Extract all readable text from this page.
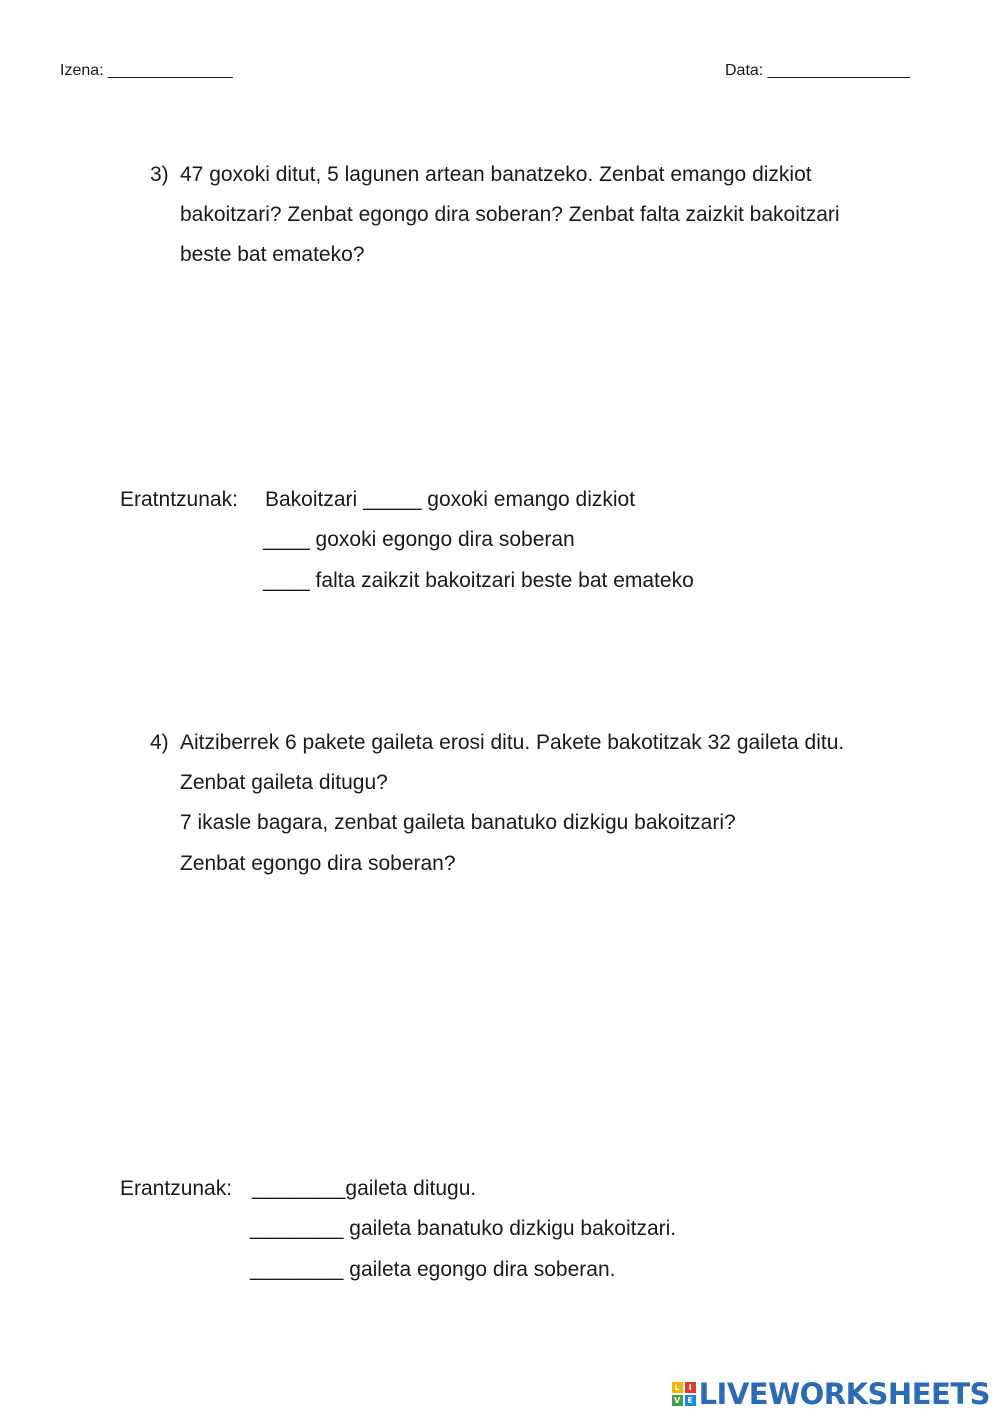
Izena: ______________	Data: ________________
3) 47 goxoki ditut, 5 lagunen artean banatzeko. Zenbat emango dizkiot
bakoitzari? Zenbat egongo dira soberan? Zenbat falta zaizkit bakoitzari
beste bat emateko?
Eratntzunak: Bakoitzari _____ goxoki emango dizkiot
____ goxoki egongo dira soberan
____ falta zaikzit bakoitzari beste bat emateko
4) Aitziberrek 6 pakete gaileta erosi ditu. Pakete bakotitzak 32 gaileta ditu.
Zenbat gaileta ditugu?
7 ikasle bagara, zenbat gaileta banatuko dizkigu bakoitzari?
Zenbat egongo dira soberan?
Erantzunak: ________gaileta ditugu.
________ gaileta banatuko dizkigu bakoitzari.
________ gaileta egongo dira soberan.
L	I
V E LIVEWORKSHEETS
